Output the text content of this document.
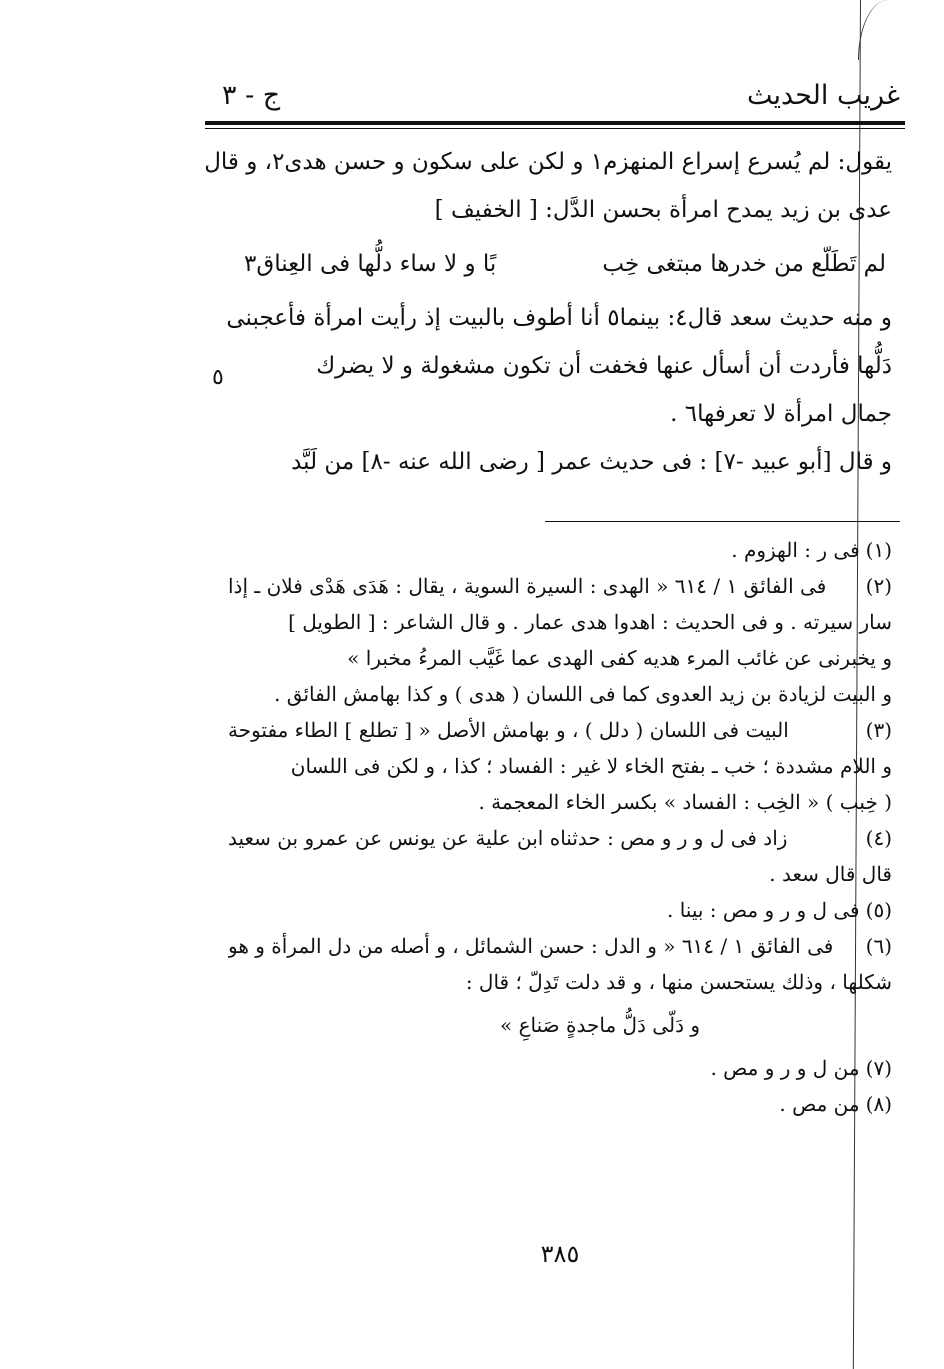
غريب الحديث
ج - ٣
يقول: لم يُسرع إسراع المنهزم١ و لكن على سكون و حسن هدى٢، و قال
عدى بن زيد يمدح امرأة بحسن الدَّل: [ الخفيف ]
لم تَطَلّع من خدرها مبتغى خِب
بًا و لا ساء دلُّها فى العِناق٣
و منه حديث سعد قال٤: بينما٥ أنا أطوف بالبيت إذ رأيت امرأة فأعجبنى
دَلُّها فأردت أن أسأل عنها فخفت أن تكون مشغولة و لا يضرك
جمال امرأة لا تعرفها٦ .
و قال [أبو عبيد -٧] : فى حديث عمر [ رضى الله عنه -٨] من لَبَّد
٥
(١)
فى ر : الهزوم .
(٢)
فى الفائق ١ / ٦١٤ « الهدى : السيرة السوية ، يقال : هَدَى هَدْى فلان ـ إذا
سار سيرته . و فى الحديث : اهدوا هدى عمار . و قال الشاعر : [ الطويل ]
و يخبرنى عن غائب المرء هديه كفى الهدى عما غَيَّب المرءُ مخبرا »
و البيت لزيادة بن زيد العدوى كما فى اللسان ( هدى ) و كذا بهامش الفائق .
(٣)
البيت فى اللسان ( دلل ) ، و بهامش الأصل « [ تطلع ] الطاء مفتوحة
و اللام مشددة ؛ خب ـ بفتح الخاء لا غير : الفساد ؛ كذا ، و لكن فى اللسان
( خِبب ) « الخِب : الفساد » بكسر الخاء المعجمة .
(٤)
زاد فى ل و ر و مص : حدثناه ابن علية عن يونس عن عمرو بن سعيد
قال قال سعد .
(٥)
فى ل و ر و مص : بينا .
(٦)
فى الفائق ١ / ٦١٤ « و الدل : حسن الشمائل ، و أصله من دل المرأة و هو
شكلها ، وذلك يستحسن منها ، و قد دلت تَدِلّ ؛ قال :
و دَلّى دَلُّ ماجدةٍ صَناعِ »
(٧)
من ل و ر و مص .
(٨)
من مص .
٣٨٥
